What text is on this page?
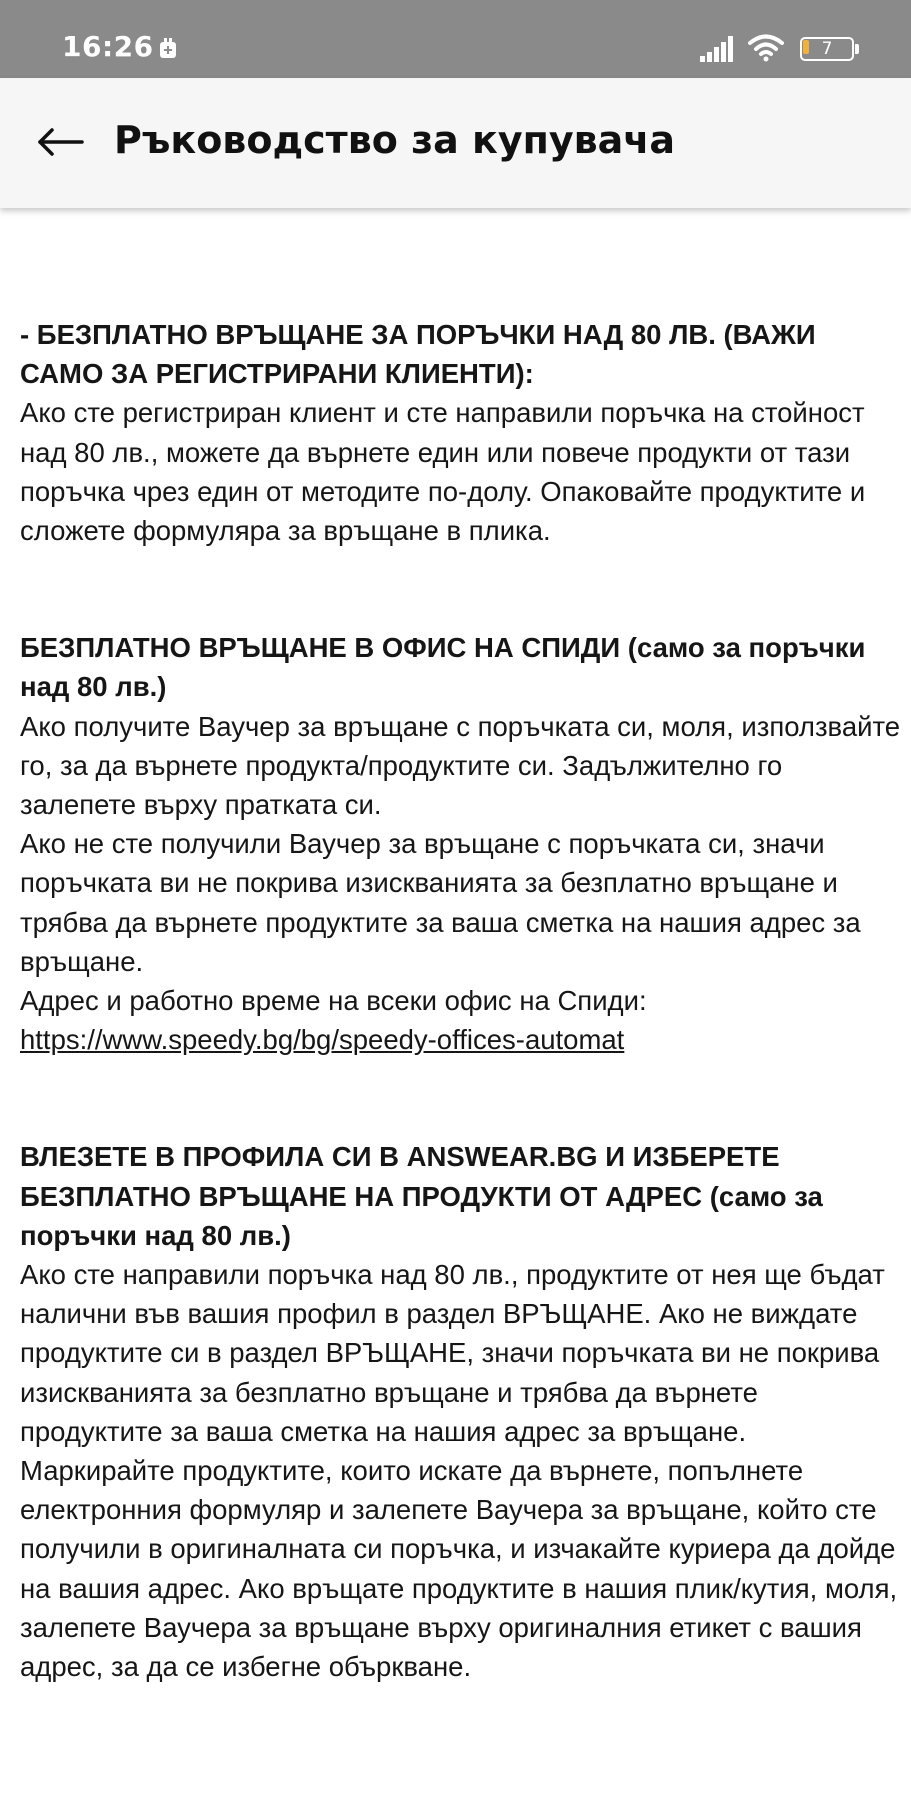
16:26	7
Ръководство за купувача

- БЕЗПЛАТНО ВРЪЩАНЕ ЗА ПОРЪЧКИ НАД 80 ЛВ. (ВАЖИ САМО ЗА РЕГИСТРИРАНИ КЛИЕНТИ):

Ако сте регистриран клиент и сте направили поръчка на стойност над 80 лв., можете да върнете един или повече продукти от тази поръчка чрез един от методите по-долу. Опаковайте продуктите и сложете формуляра за връщане в плика.

БЕЗПЛАТНО ВРЪЩАНЕ В ОФИС НА СПИДИ (само за поръчки над 80 лв.)

Ако получите Ваучер за връщане с поръчката си, моля, използвайте го, за да върнете продукта/продуктите си. Задължително го залепете върху пратката си.

Ако не сте получили Ваучер за връщане с поръчката си, значи поръчката ви не покрива изискванията за безплатно връщане и трябва да върнете продуктите за ваша сметка на нашия адрес за връщане.

Адрес и работно време на всеки офис на Спиди: https://www.speedy.bg/bg/speedy-offices-automat

ВЛЕЗЕТЕ В ПРОФИЛА СИ В ANSWEAR.BG И ИЗБЕРЕТЕ БЕЗПЛАТНО ВРЪЩАНЕ НА ПРОДУКТИ ОТ АДРЕС (само за поръчки над 80 лв.)

Ако сте направили поръчка над 80 лв., продуктите от нея ще бъдат налични във вашия профил в раздел ВРЪЩАНЕ. Ако не виждате продуктите си в раздел ВРЪЩАНЕ, значи поръчката ви не покрива изискванията за безплатно връщане и трябва да върнете продуктите за ваша сметка на нашия адрес за връщане.

Маркирайте продуктите, които искате да върнете, попълнете електронния формуляр и залепете Ваучера за връщане, който сте получили в оригиналната си поръчка, и изчакайте куриера да дойде на вашия адрес. Ако връщате продуктите в нашия плик/кутия, моля, залепете Ваучера за връщане върху оригиналния етикет с вашия адрес, за да се избегне объркване.
